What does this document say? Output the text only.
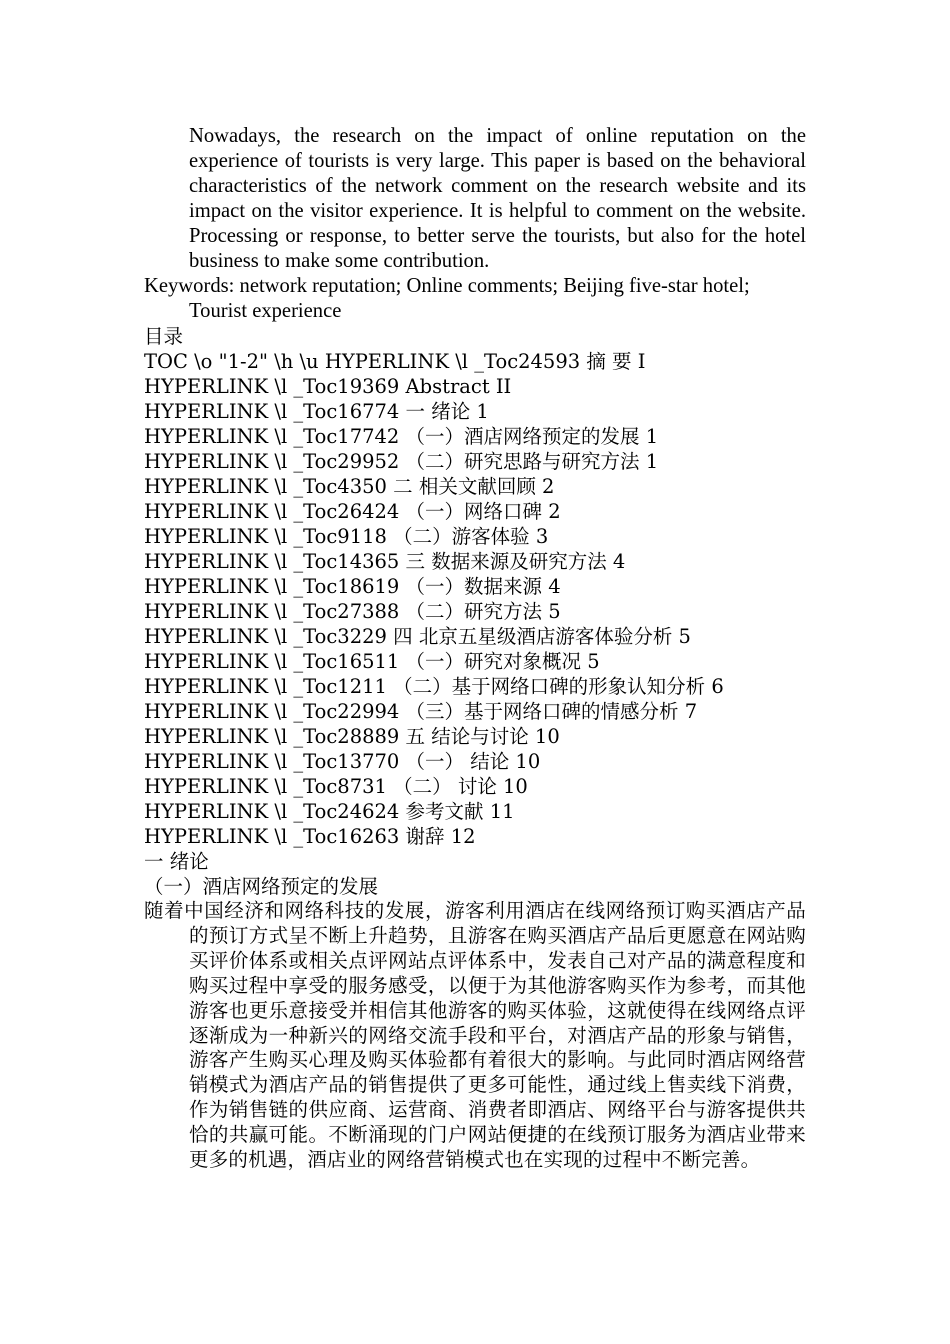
Nowadays, the research on the impact of online reputation on the experience of tourists is very large. This paper is based on the behavioral characteristics of the network comment on the research website and its impact on the visitor experience. It is helpful to comment on the website. Processing or response, to better serve the tourists, but also for the hotel business to make some contribution.

Keywords: network reputation; Online comments; Beijing five-star hotel; Tourist experience

目录
TOC \o "1-2" \h \u HYPERLINK \l _Toc24593 摘 要 I
HYPERLINK \l _Toc19369 Abstract II
HYPERLINK \l _Toc16774 一 绪论 1
HYPERLINK \l _Toc17742 （一）酒店网络预定的发展 1
HYPERLINK \l _Toc29952 （二）研究思路与研究方法 1
HYPERLINK \l _Toc4350 二 相关文献回顾 2
HYPERLINK \l _Toc26424 （一）网络口碑 2
HYPERLINK \l _Toc9118 （二）游客体验 3
HYPERLINK \l _Toc14365 三 数据来源及研究方法 4
HYPERLINK \l _Toc18619 （一）数据来源 4
HYPERLINK \l _Toc27388 （二）研究方法 5
HYPERLINK \l _Toc3229 四 北京五星级酒店游客体验分析 5
HYPERLINK \l _Toc16511 （一）研究对象概况 5
HYPERLINK \l _Toc1211 （二）基于网络口碑的形象认知分析 6
HYPERLINK \l _Toc22994 （三）基于网络口碑的情感分析 7
HYPERLINK \l _Toc28889 五 结论与讨论 10
HYPERLINK \l _Toc13770 （一） 结论 10
HYPERLINK \l _Toc8731 （二） 讨论 10
HYPERLINK \l _Toc24624 参考文献 11
HYPERLINK \l _Toc16263 谢辞 12
一 绪论
（一）酒店网络预定的发展

随着中国经济和网络科技的发展，游客利用酒店在线网络预订购买酒店产品的预订方式呈不断上升趋势，且游客在购买酒店产品后更愿意在网站购买评价体系或相关点评网站点评体系中，发表自己对产品的满意程度和购买过程中享受的服务感受，以便于为其他游客购买作为参考，而其他游客也更乐意接受并相信其他游客的购买体验，这就使得在线网络点评逐渐成为一种新兴的网络交流手段和平台，对酒店产品的形象与销售，游客产生购买心理及购买体验都有着很大的影响。与此同时酒店网络营销模式为酒店产品的销售提供了更多可能性，通过线上售卖线下消费，作为销售链的供应商、运营商、消费者即酒店、网络平台与游客提供共恰的共赢可能。不断涌现的门户网站便捷的在线预订服务为酒店业带来更多的机遇，酒店业的网络营销模式也在实现的过程中不断完善。
